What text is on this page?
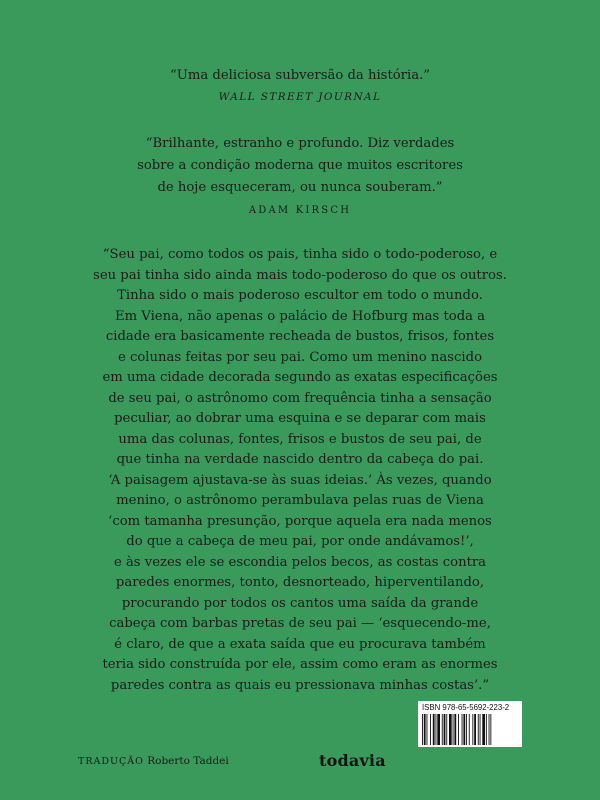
“Uma deliciosa subversão da história.”
WALL STREET JOURNAL
“Brilhante, estranho e profundo. Diz verdades
sobre a condição moderna que muitos escritores
de hoje esqueceram, ou nunca souberam.”
ADAM KIRSCH
“Seu pai, como todos os pais, tinha sido o todo-poderoso, e
seu pai tinha sido ainda mais todo-poderoso do que os outros.
Tinha sido o mais poderoso escultor em todo o mundo.
Em Viena, não apenas o palácio de Hofburg mas toda a
cidade era basicamente recheada de bustos, frisos, fontes
e colunas feitas por seu pai. Como um menino nascido
em uma cidade decorada segundo as exatas especificações
de seu pai, o astrônomo com frequência tinha a sensação
peculiar, ao dobrar uma esquina e se deparar com mais
uma das colunas, fontes, frisos e bustos de seu pai, de
que tinha na verdade nascido dentro da cabeça do pai.
‘A paisagem ajustava-se às suas ideias.’ Às vezes, quando
menino, o astrônomo perambulava pelas ruas de Viena
‘com tamanha presunção, porque aquela era nada menos
do que a cabeça de meu pai, por onde andávamos!’,
e às vezes ele se escondia pelos becos, as costas contra
paredes enormes, tonto, desnorteado, hiperventilando,
procurando por todos os cantos uma saída da grande
cabeça com barbas pretas de seu pai — ‘esquecendo-me,
é claro, de que a exata saída que eu procurava também
teria sido construída por ele, assim como eram as enormes
paredes contra as quais eu pressionava minhas costas’.”
TRADUÇÃO Roberto Taddei	todavia
ISBN 978-65-5692-223-2
